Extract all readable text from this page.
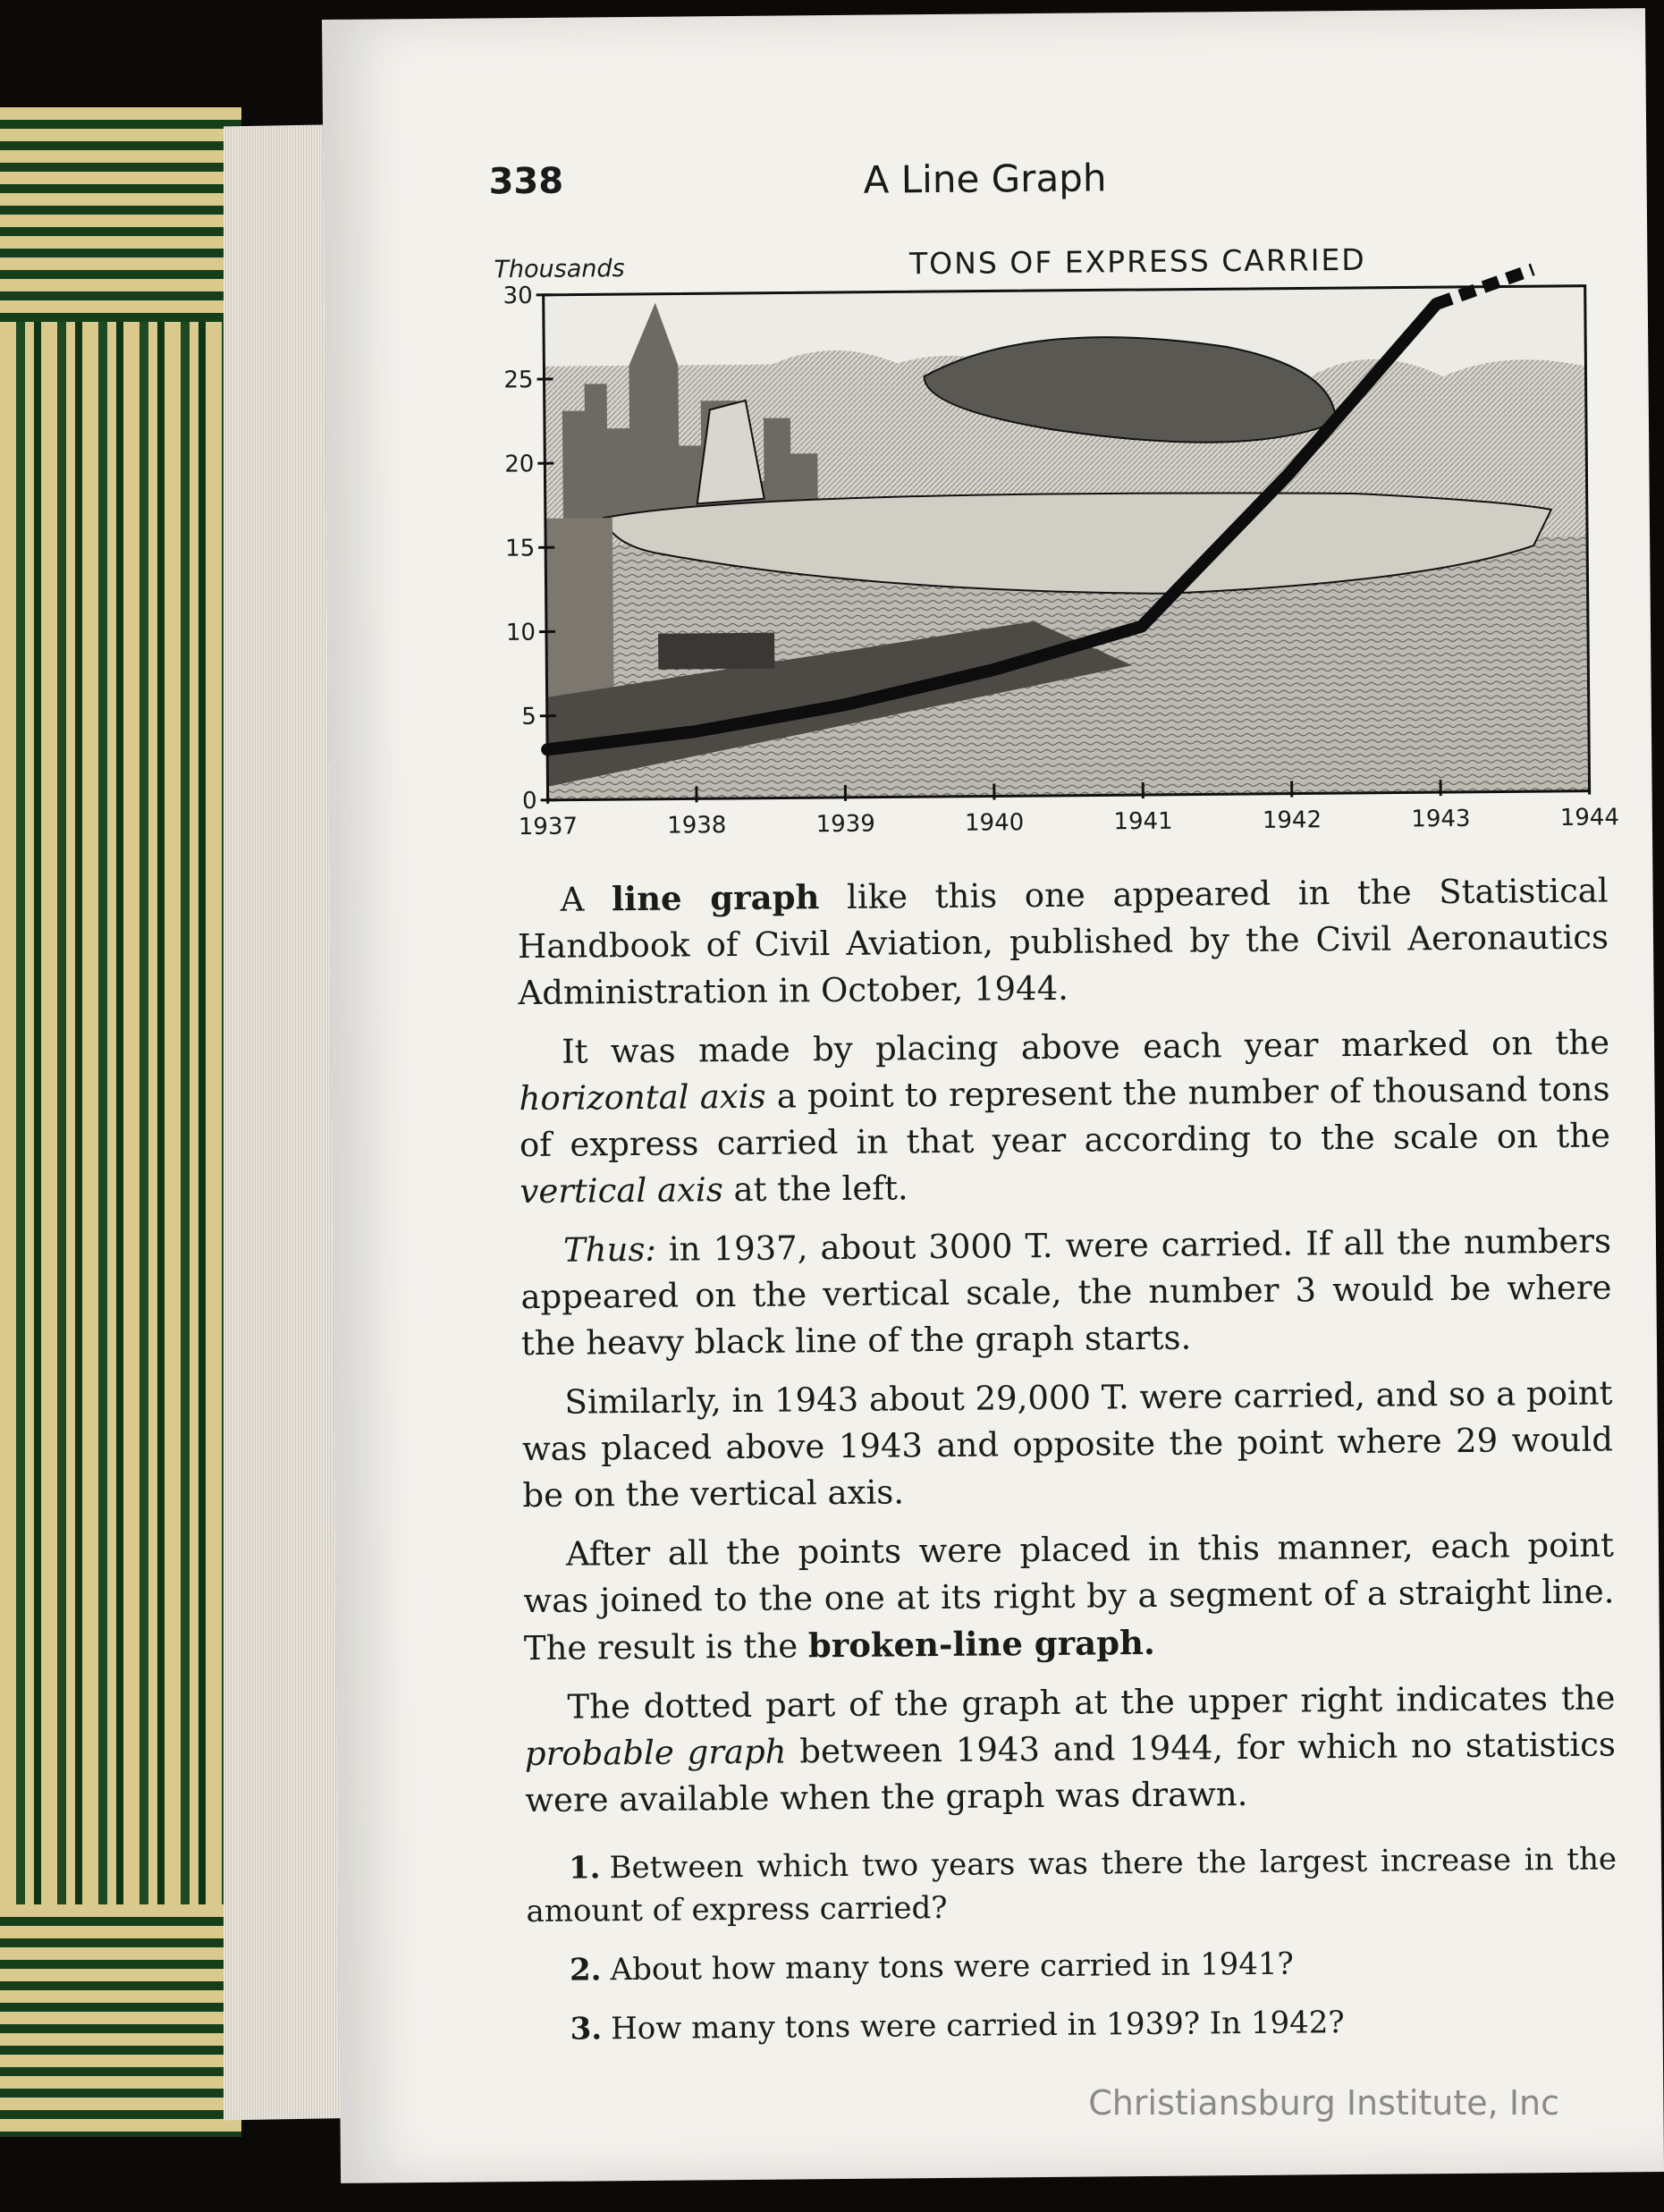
338	A Line Graph
Thousands	TONS OF EXPRESS CARRIED
0
5
10
15
20
25
30
1937	1938	1939	1940	1941	1942	1943	1944

A line graph like this one appeared in the Statistical Handbook of Civil Aviation, published by the Civil Aeronautics Administration in October, 1944.

It was made by placing above each year marked on the horizontal axis a point to represent the number of thousand tons of express carried in that year according to the scale on the vertical axis at the left.

Thus: in 1937, about 3000 T. were carried. If all the numbers appeared on the vertical scale, the number 3 would be where the heavy black line of the graph starts.

Similarly, in 1943 about 29,000 T. were carried, and so a point was placed above 1943 and opposite the point where 29 would be on the vertical axis.

After all the points were placed in this manner, each point was joined to the one at its right by a segment of a straight line. The result is the broken-line graph.

The dotted part of the graph at the upper right indicates the probable graph between 1943 and 1944, for which no statistics were available when the graph was drawn.

1. Between which two years was there the largest increase in the amount of express carried?

2. About how many tons were carried in 1941?

3. How many tons were carried in 1939? In 1942?

Christiansburg Institute, Inc
